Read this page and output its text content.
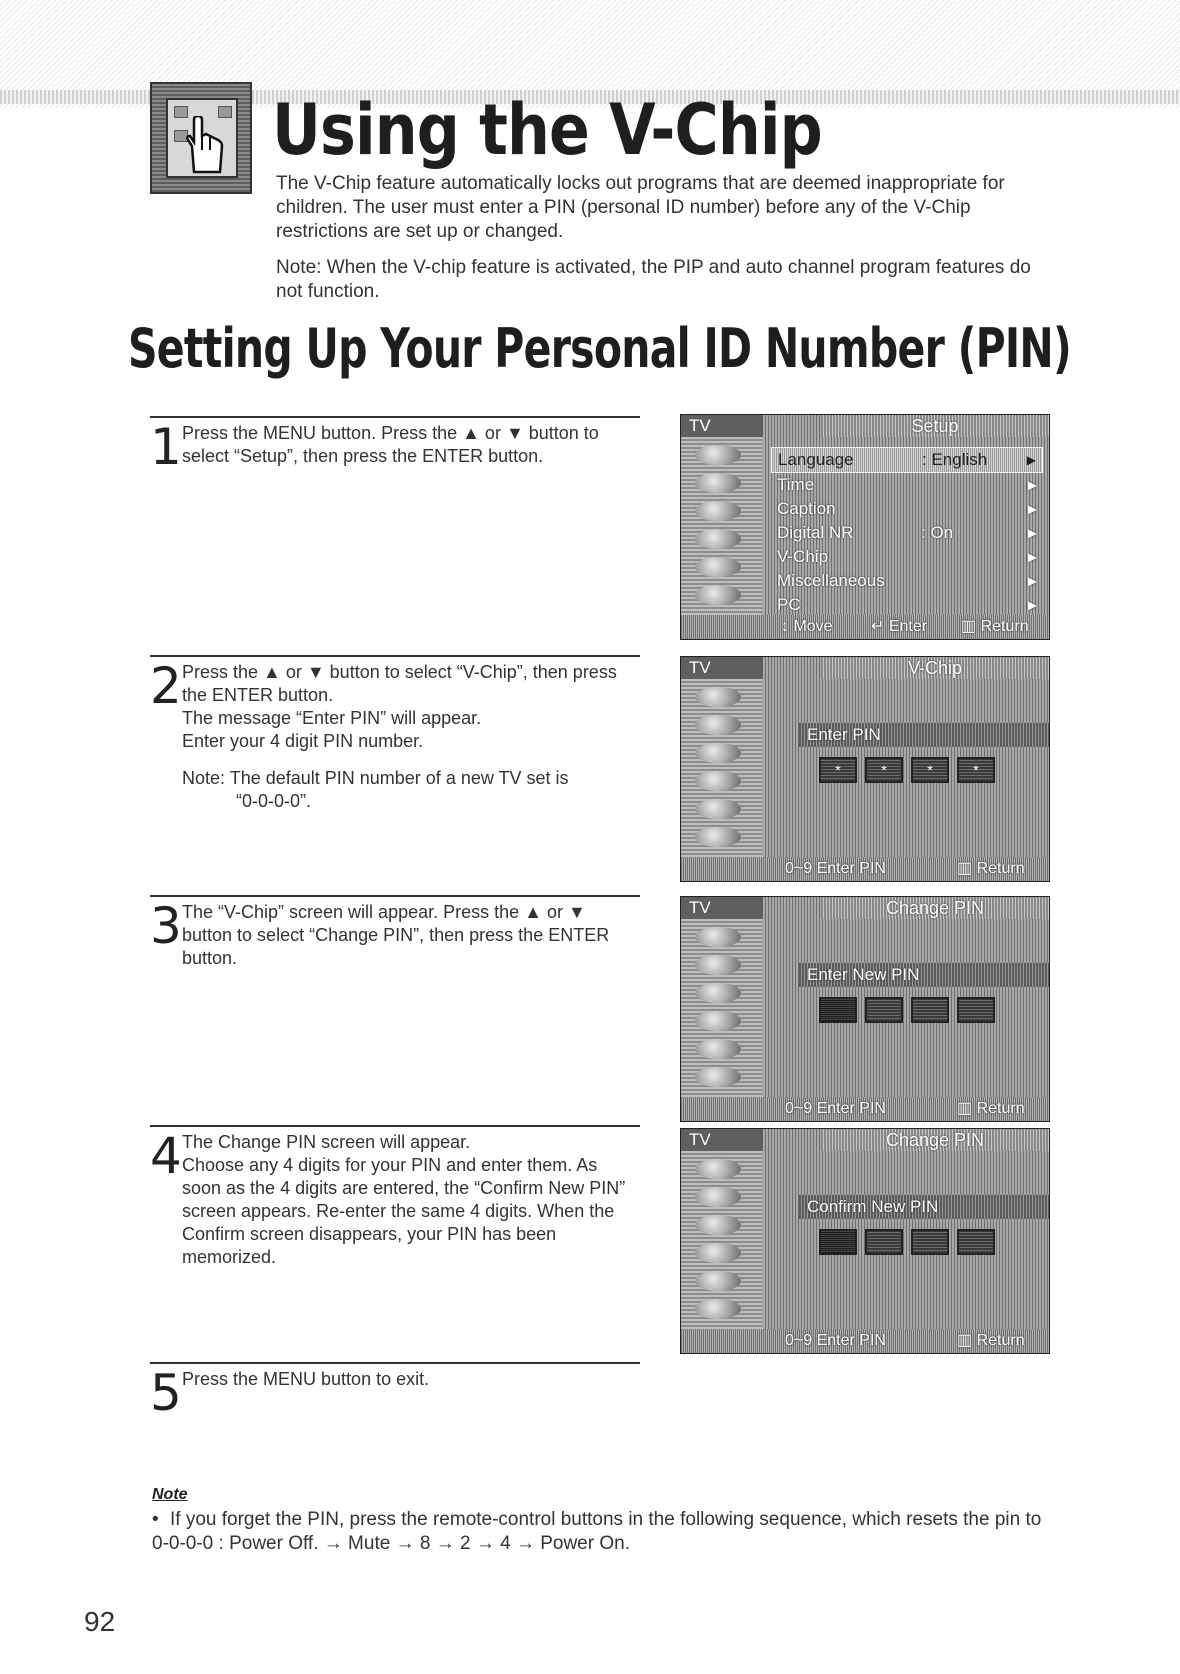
Using the V-Chip
The V-Chip feature automatically locks out programs that are deemed inappropriate for children. The user must enter a PIN (personal ID number) before any of the V-Chip restrictions are set up or changed.
Note: When the V-chip feature is activated, the PIP and auto channel program features do not function.
Setting Up Your Personal ID Number (PIN)
1 Press the MENU button. Press the ▲ or ▼ button to select “Setup”, then press the ENTER button.

2 Press the ▲ or ▼ button to select “V-Chip”, then press the ENTER button.

The message “Enter PIN” will appear.

Enter your 4 digit PIN number.

Note: The default PIN number of a new TV set is

“0-0-0-0”.

3 The “V-Chip” screen will appear. Press the ▲ or ▼ button to select “Change PIN”, then press the ENTER button.

4 The Change PIN screen will appear.

Choose any 4 digits for your PIN and enter them. As soon as the 4 digits are entered, the “Confirm New PIN” screen appears. Re-enter the same 4 digits. When the Confirm screen disappears, your PIN has been memorized.

5 Press the MENU button to exit.

TV	Setup
Language	: English	▶
Time	▶
Caption	▶
Digital NR	: On	▶
V-Chip	▶
Miscellaneous	▶
PC	▶
↕ Move ↵ Enter ▥ Return
TV	V-Chip
Enter PIN
*	*	*	*
0~9 Enter PIN	▥ Return
TV	Change PIN
Enter New PIN
0~9 Enter PIN	▥ Return
TV	Change PIN
Confirm New PIN
0~9 Enter PIN	▥ Return
Note
• If you forget the PIN, press the remote-control buttons in the following sequence, which resets the pin to 0-0-0-0 : Power Off. → Mute → 8 → 2 → 4 → Power On.
92
